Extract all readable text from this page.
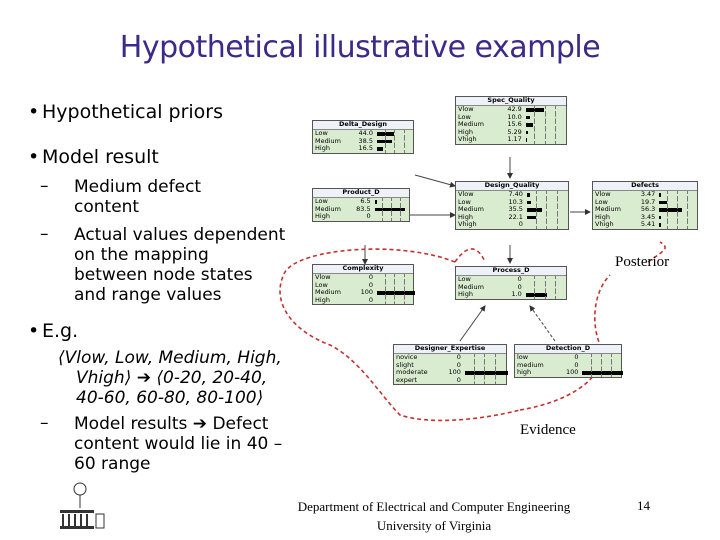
Hypothetical illustrative example
• Hypothetical priors
• Model result
– Medium defect
content
– Actual values dependent
on the mapping
between node states
and range values
• E.g.
⟨Vlow, Low, Medium, High,
Vhigh⟩ ➔ ⟨0-20, 20-40,
40-60, 60-80, 80-100⟩
– Model results ➔ Defect
content would lie in 40 –
60 range
Spec_Quality
Vlow	42.9
Low	10.0
Medium	15.6
High	5.29
Vhigh	1.17
Delta_Design
Low	44.0
Medium	38.5
High	16.5
Design_Quality
Vlow	7.40
Low	10.3
Medium	35.5
High	22.1
Vhigh	0
Defects
Vlow	3.47
Low	19.7
Medium	56.3
High	3.45
Vhigh	5.41
Product_D
Low	6.5
Medium	83.5
High	0
Complexity
Vlow	0
Low	0
Medium	100
High	0
Process_D
Low	0
Medium	0
High	1.0
Designer_Expertise
novice	0
slight	0
moderate	100
expert	0
Detection_D
low	0
medium	0
high	100
Posterior
Evidence
Department of Electrical and Computer Engineering
University of Virginia
14
